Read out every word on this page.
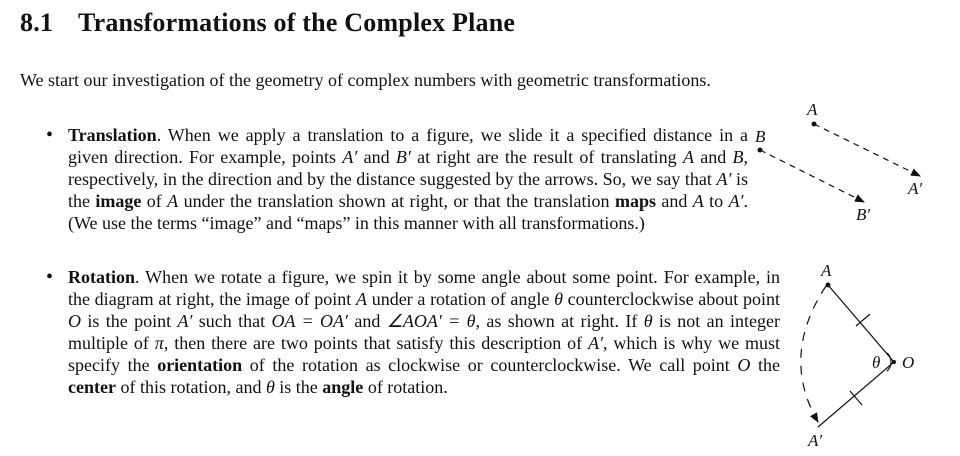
8.1 Transformations of the Complex Plane

We start our investigation of the geometry of complex numbers with geometric transformations.

• Translation. When we apply a translation to a figure, we slide it a specified distance in a given direction. For example, points A′ and B′ at right are the result of translating A and B, respectively, in the direction and by the distance suggested by the arrows. So, we say that A′ is the image of A under the translation shown at right, or that the translation maps and A to A′. (We use the terms “image” and “maps” in this manner with all transformations.)

• Rotation. When we rotate a figure, we spin it by some angle about some point. For example, in the diagram at right, the image of point A under a rotation of angle θ counterclockwise about point O is the point A′ such that OA = OA′ and ∠AOA′ = θ, as shown at right. If θ is not an integer multiple of π, then there are two points that satisfy this description of A′, which is why we must specify the orientation of the rotation as clockwise or counterclockwise. We call point O the center of this rotation, and θ is the angle of rotation.

A
B
A′
B′
A
θ O
A′
